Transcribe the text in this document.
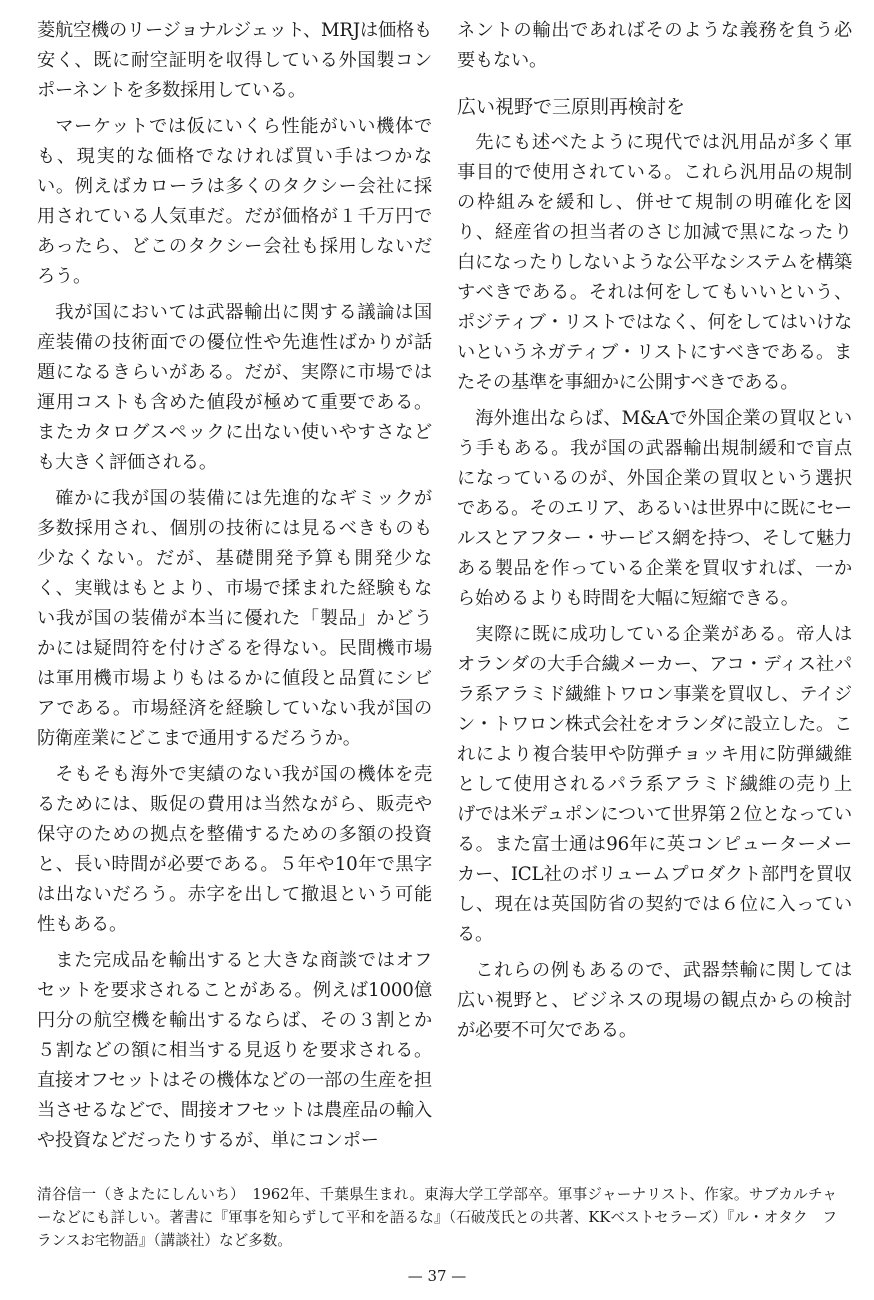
菱航空機のリージョナルジェット、MRJは価格も安く、既に耐空証明を収得している外国製コンポーネントを多数採用している。

マーケットでは仮にいくら性能がいい機体でも、現実的な価格でなければ買い手はつかない。例えばカローラは多くのタクシー会社に採用されている人気車だ。だが価格が１千万円であったら、どこのタクシー会社も採用しないだろう。

我が国においては武器輸出に関する議論は国産装備の技術面での優位性や先進性ばかりが話題になるきらいがある。だが、実際に市場では運用コストも含めた値段が極めて重要である。またカタログスペックに出ない使いやすさなども大きく評価される。

確かに我が国の装備には先進的なギミックが多数採用され、個別の技術には見るべきものも少なくない。だが、基礎開発予算も開発少なく、実戦はもとより、市場で揉まれた経験もない我が国の装備が本当に優れた「製品」かどうかには疑問符を付けざるを得ない。民間機市場は軍用機市場よりもはるかに値段と品質にシビアである。市場経済を経験していない我が国の防衛産業にどこまで通用するだろうか。

そもそも海外で実績のない我が国の機体を売るためには、販促の費用は当然ながら、販売や保守のための拠点を整備するための多額の投資と、長い時間が必要である。５年や10年で黒字は出ないだろう。赤字を出して撤退という可能性もある。

また完成品を輸出すると大きな商談ではオフセットを要求されることがある。例えば1000億円分の航空機を輸出するならば、その３割とか５割などの額に相当する見返りを要求される。直接オフセットはその機体などの一部の生産を担当させるなどで、間接オフセットは農産品の輸入や投資などだったりするが、単にコンポー

ネントの輸出であればそのような義務を負う必要もない。

広い視野で三原則再検討を

先にも述べたように現代では汎用品が多く軍事目的で使用されている。これら汎用品の規制の枠組みを緩和し、併せて規制の明確化を図り、経産省の担当者のさじ加減で黒になったり白になったりしないような公平なシステムを構築すべきである。それは何をしてもいいという、ポジティブ・リストではなく、何をしてはいけないというネガティブ・リストにすべきである。またその基準を事細かに公開すべきである。

海外進出ならば、M&Aで外国企業の買収という手もある。我が国の武器輸出規制緩和で盲点になっているのが、外国企業の買収という選択である。そのエリア、あるいは世界中に既にセールスとアフター・サービス網を持つ、そして魅力ある製品を作っている企業を買収すれば、一から始めるよりも時間を大幅に短縮できる。

実際に既に成功している企業がある。帝人はオランダの大手合繊メーカー、アコ・ディス社パラ系アラミド繊維トワロン事業を買収し、テイジン・トワロン株式会社をオランダに設立した。これにより複合装甲や防弾チョッキ用に防弾繊維として使用されるパラ系アラミド繊維の売り上げでは米デュポンについて世界第２位となっている。また富士通は96年に英コンピューターメーカー、ICL社のボリュームプロダクト部門を買収し、現在は英国防省の契約では６位に入っている。

これらの例もあるので、武器禁輸に関しては広い視野と、ビジネスの現場の観点からの検討が必要不可欠である。

清谷信一（きよたにしんいち）　1962年、千葉県生まれ。東海大学工学部卒。軍事ジャーナリスト、作家。サブカルチャーなどにも詳しい。著書に『軍事を知らずして平和を語るな』（石破茂氏との共著、KKベストセラーズ）『ル・オタク　フランスお宅物語』（講談社）など多数。

— 37 —
